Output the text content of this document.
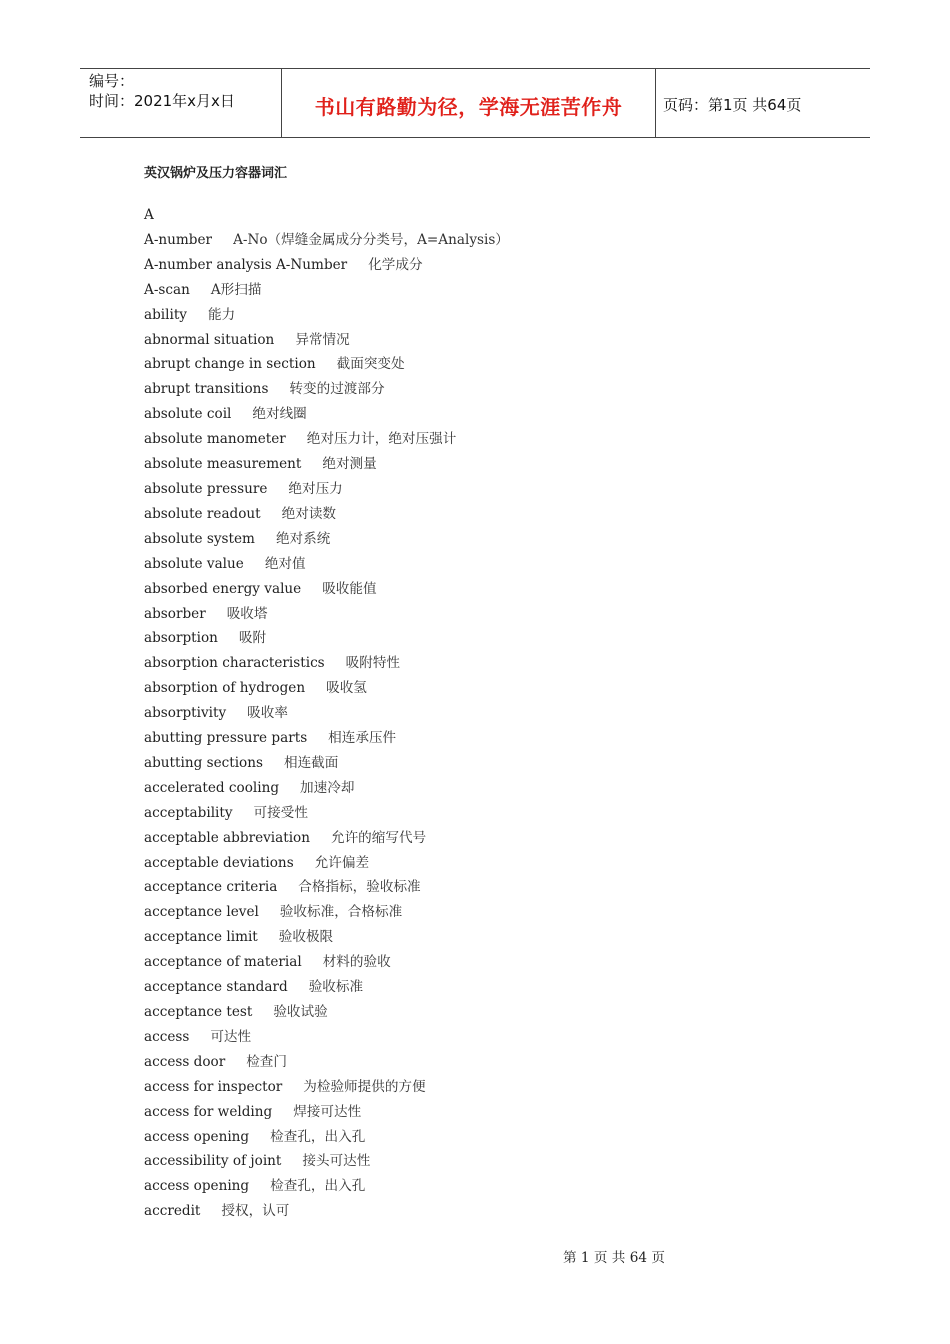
编号：
时间：2021年x月x日	书山有路勤为径，学海无涯苦作舟	页码：第1页 共64页
英汉锅炉及压力容器词汇
A
A-number A-No（焊缝金属成分分类号，A=Analysis）
A-number analysis A-Number 化学成分
A-scan A形扫描
ability 能力
abnormal situation 异常情况
abrupt change in section 截面突变处
abrupt transitions 转变的过渡部分
absolute coil 绝对线圈
absolute manometer 绝对压力计，绝对压强计
absolute measurement 绝对测量
absolute pressure 绝对压力
absolute readout 绝对读数
absolute system 绝对系统
absolute value 绝对值
absorbed energy value 吸收能值
absorber 吸收塔
absorption 吸附
absorption characteristics 吸附特性
absorption of hydrogen 吸收氢
absorptivity 吸收率
abutting pressure parts 相连承压件
abutting sections 相连截面
accelerated cooling 加速冷却
acceptability 可接受性
acceptable abbreviation 允许的缩写代号
acceptable deviations 允许偏差
acceptance criteria 合格指标，验收标准
acceptance level 验收标准，合格标准
acceptance limit 验收极限
acceptance of material 材料的验收
acceptance standard 验收标准
acceptance test 验收试验
access 可达性
access door 检查门
access for inspector 为检验师提供的方便
access for welding 焊接可达性
access opening 检查孔，出入孔
accessibility of joint 接头可达性
access opening 检查孔，出入孔
accredit 授权，认可
第 1 页 共 64 页
